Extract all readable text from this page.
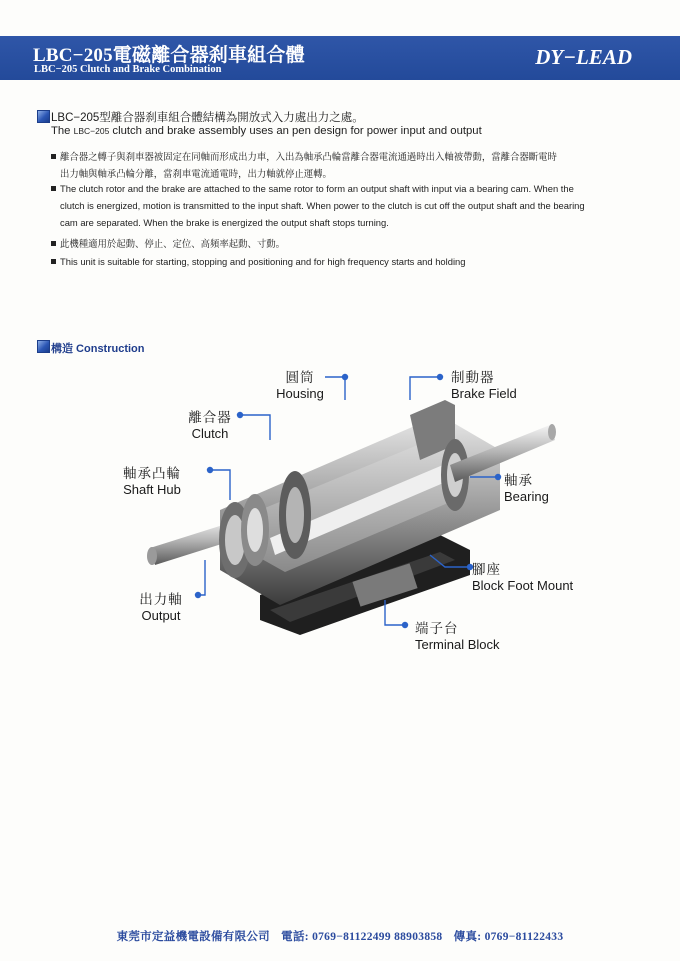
LBC−205電磁離合器刹車組合體
LBC−205 Clutch and Brake Combination
DY−LEAD
LBC−205型離合器刹車組合體結構為開放式入力處出力之處。
The LBC−205 clutch and brake assembly uses an pen design for power input and output
離合器之轉子與刹車器被固定在同軸而形成出力車，入出為軸承凸輪當離合器電流通過時出入軸被帶動，當離合器斷電時
出力軸與軸承凸輪分離，當刹車電流通電時，出力軸就停止運轉。
The clutch rotor and the brake are attached to the same rotor to form an output shaft with input via a bearing cam. When the
clutch is energized, motion is transmitted to the input shaft. When power to the clutch is cut off the output shaft and the bearing
cam are separated. When the brake is energized the output shaft stops turning.
此機種適用於起動、停止、定位、高頻率起動、寸動。
This unit is suitable for starting, stopping and positioning and for high frequency starts and holding
構造 Construction
圓筒
Housing
制動器
Brake Field
離合器
Clutch
軸承凸輪
Shaft Hub
軸承
Bearing
腳座
Block Foot Mount
出力軸
Output
端子台
Terminal Block
東莞市定益機電設備有限公司 電話: 0769−81122499 88903858 傳真: 0769−81122433
